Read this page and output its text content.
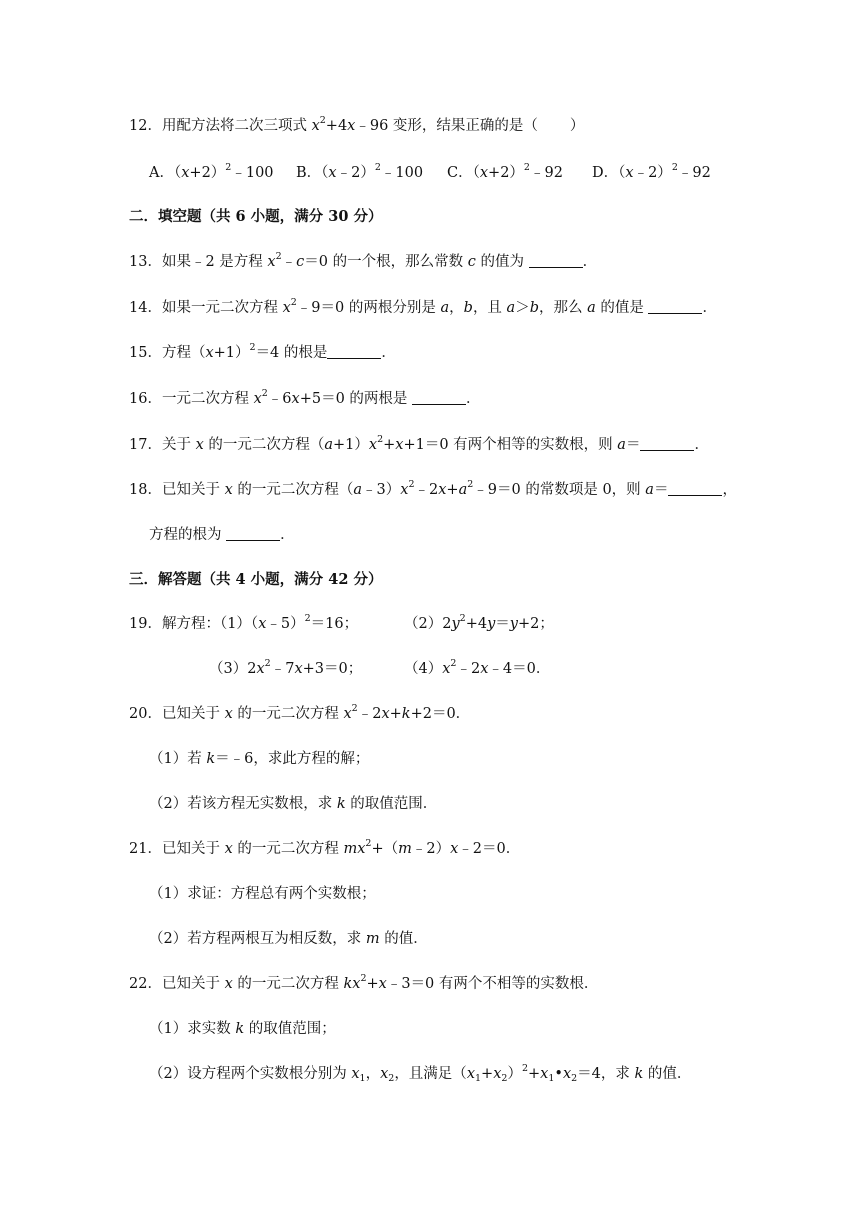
12．用配方法将二次三项式 $x^2+4x﹣96$ 变形，结果正确的是（ ）
A．$(x+2)^2﹣100$ B．（x﹣2）$^2$﹣100 C．$(x+2)^2﹣92$ D．（x﹣2）$^2$﹣92
二．填空题（共 6 小题，满分 30 分）
13．如果﹣2 是方程 $x^2﹣c=0$ 的一个根，那么常数 c 的值为	．
14．如果一元二次方程 $x^2﹣9=0$ 的两根分别是 a，b，且 a＞b，那么 a 的值是	．
15．方程$(x+1)^2=4$ 的根是	．
16．一元二次方程 $x^2﹣6x+5=0$ 的两根是	．
17．关于 x 的一元二次方程$(a+1)x^2+x+1=0$ 有两个相等的实数根，则 a＝	．
18．已知关于 x 的一元二次方程$(a﹣3)x^2﹣2x+a^2﹣9=0$ 的常数项是 0，则 a＝	，
方程的根为	．
三．解答题（共 4 小题，满分 42 分）
19．解方程：（1）（x﹣5）$^2$＝16；	$(2)2y^2+4y=y+2$；
$(3)2x^2﹣7x+3=0$；	$(4)x^2﹣2x﹣4=0$．
20．已知关于 x 的一元二次方程 $x^2﹣2x+k+2=0$．
（1）若 k＝﹣6，求此方程的解；
（2）若该方程无实数根，求 k 的取值范围．
21．已知关于 x 的一元二次方程 $mx^2+(m﹣2)x﹣2=0$．
（1）求证：方程总有两个实数根；
（2）若方程两根互为相反数，求 m 的值．
22．已知关于 x 的一元二次方程 $kx^2+x﹣3=0$ 有两个不相等的实数根．
（1）求实数 k 的取值范围；
（2）设方程两个实数根分别为 $x_1$，$x_2$，且满足$(x_1+x_2)^2+x_1•x_2=4$，求 k 的值．
